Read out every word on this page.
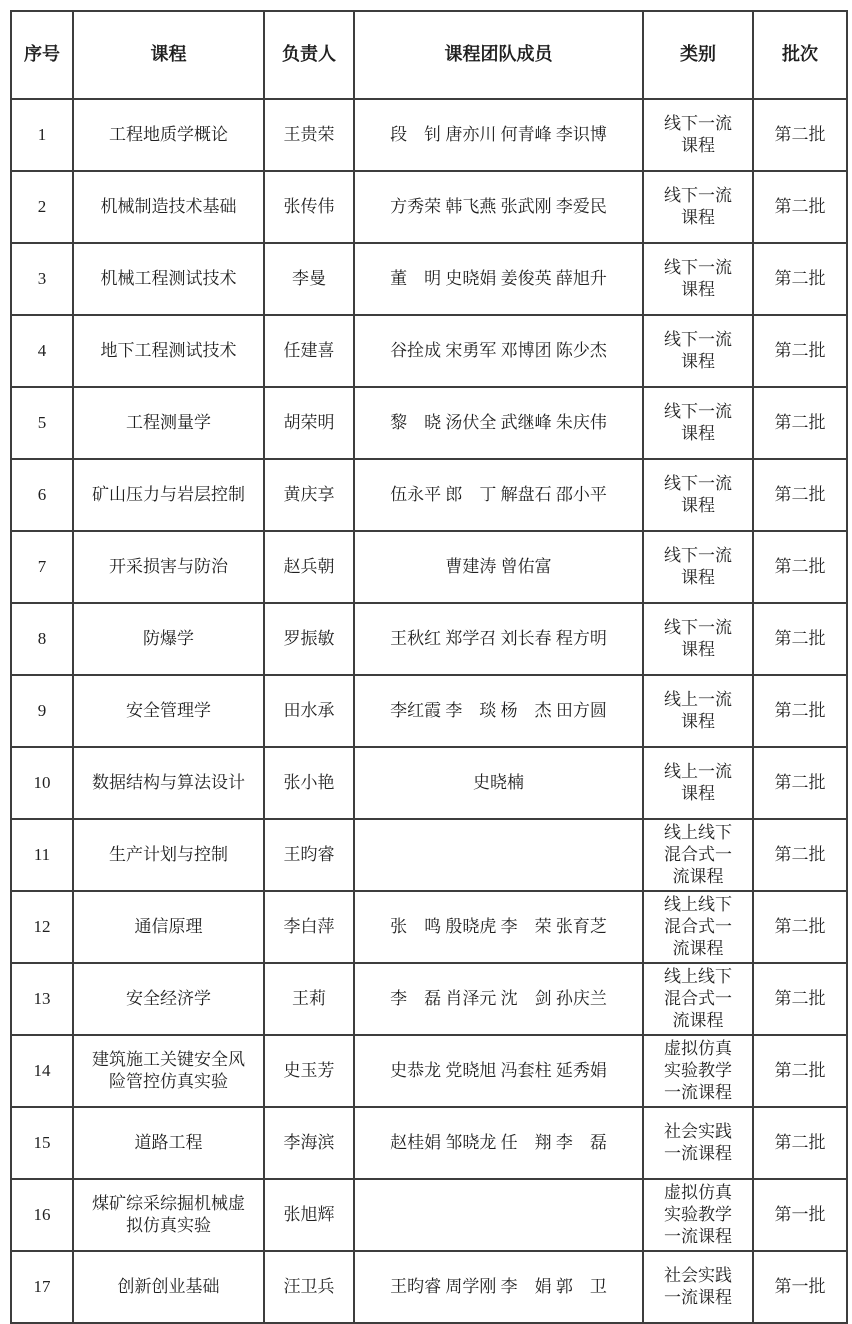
序号	课程	负责人	课程团队成员	类别	批次
1	工程地质学概论	王贵荣	段　钊 唐亦川 何青峰 李识博	线下一流课程	第二批
2	机械制造技术基础	张传伟	方秀荣 韩飞燕 张武刚 李爱民	线下一流课程	第二批
3	机械工程测试技术	李曼	董　明 史晓娟 姜俊英 薛旭升	线下一流课程	第二批
4	地下工程测试技术	任建喜	谷拴成 宋勇军 邓博团 陈少杰	线下一流课程	第二批
5	工程测量学	胡荣明	黎　晓 汤伏全 武继峰 朱庆伟	线下一流课程	第二批
6	矿山压力与岩层控制	黄庆享	伍永平 郎　丁 解盘石 邵小平	线下一流课程	第二批
7	开采损害与防治	赵兵朝	曹建涛 曾佑富	线下一流课程	第二批
8	防爆学	罗振敏	王秋红 郑学召 刘长春 程方明	线下一流课程	第二批
9	安全管理学	田水承	李红霞 李　琰 杨　杰 田方圆	线上一流课程	第二批
10	数据结构与算法设计	张小艳	史晓楠	线上一流课程	第二批
11	生产计划与控制	王昀睿		线上线下混合式一流课程	第二批
12	通信原理	李白萍	张　鸣 殷晓虎 李　荣 张育芝	线上线下混合式一流课程	第二批
13	安全经济学	王莉	李　磊 肖泽元 沈　剑 孙庆兰	线上线下混合式一流课程	第二批
14	建筑施工关键安全风险管控仿真实验	史玉芳	史恭龙 党晓旭 冯套柱 延秀娟	虚拟仿真实验教学一流课程	第二批
15	道路工程	李海滨	赵桂娟 邹晓龙 任　翔 李　磊	社会实践一流课程	第二批
16	煤矿综采综掘机械虚拟仿真实验	张旭辉		虚拟仿真实验教学一流课程	第一批
17	创新创业基础	汪卫兵	王昀睿 周学刚 李　娟 郭　卫	社会实践一流课程	第一批
